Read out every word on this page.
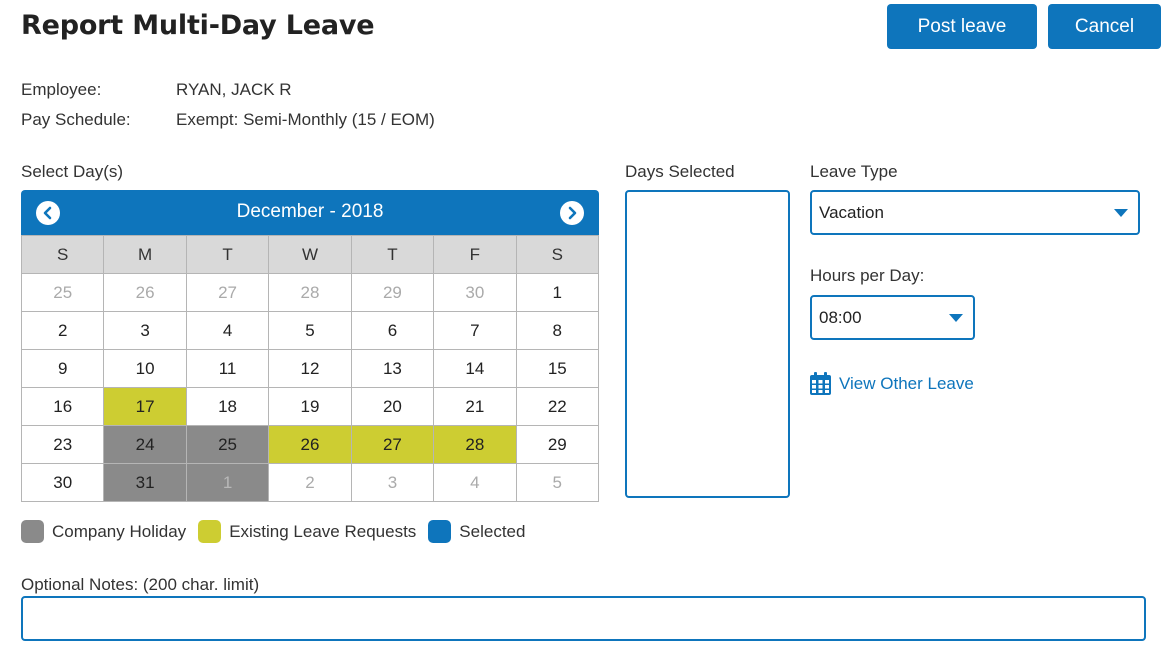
Report Multi-Day Leave	Post leave	Cancel
Employee:	RYAN, JACK R
Pay Schedule:	Exempt: Semi-Monthly (15 / EOM)
Select Day(s)
December - 2018
S	M	T	W	T	F	S
25	26	27	28	29	30	1
2	3	4	5	6	7	8
9	10	11	12	13	14	15
16	17	18	19	20	21	22
23	24	25	26	27	28	29
30	31	1	2	3	4	5
Company Holiday	Existing Leave Requests	Selected
Days Selected	Leave Type
Vacation
Hours per Day:
08:00
View Other Leave
Optional Notes: (200 char. limit)
